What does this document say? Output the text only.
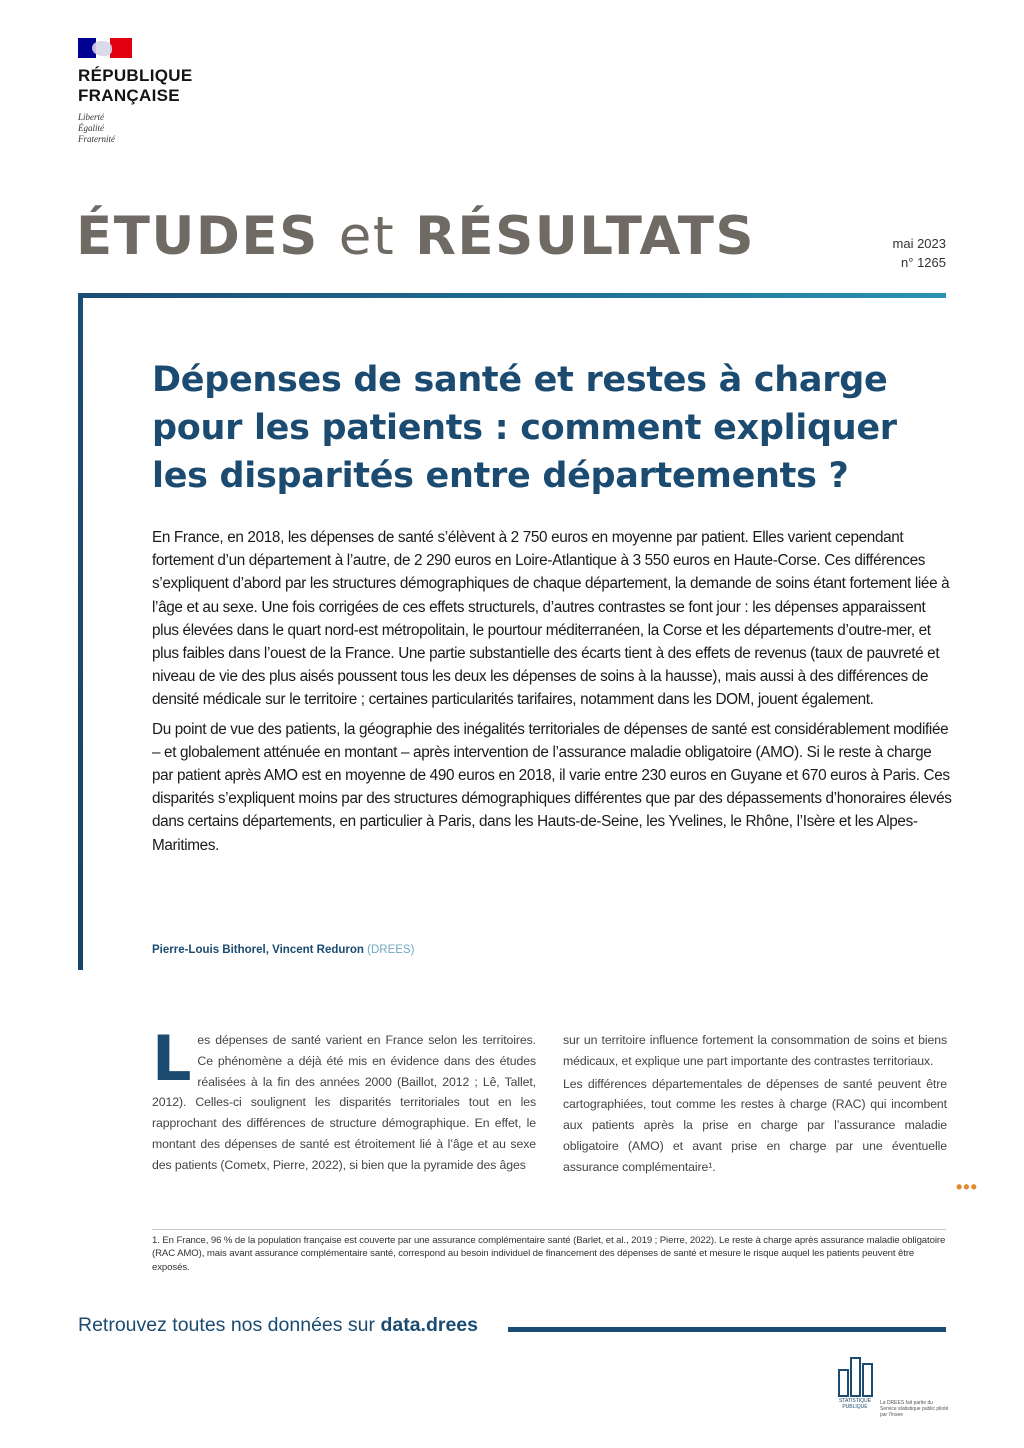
RÉPUBLIQUE
FRANÇAISE
Liberté
Égalité
Fraternité
ÉTUDES et RÉSULTATS	mai 2023
n° 1265
Dépenses de santé et restes à charge
pour les patients : comment expliquer
les disparités entre départements ?

En France, en 2018, les dépenses de santé s’élèvent à 2 750 euros en moyenne par patient. Elles varient cependant fortement d’un département à l’autre, de 2 290 euros en Loire-Atlantique à 3 550 euros en Haute-Corse. Ces différences s’expliquent d’abord par les structures démographiques de chaque département, la demande de soins étant fortement liée à l’âge et au sexe. Une fois corrigées de ces effets structurels, d’autres contrastes se font jour : les dépenses apparaissent plus élevées dans le quart nord-est métropolitain, le pourtour méditerranéen, la Corse et les départements d’outre-mer, et plus faibles dans l’ouest de la France. Une partie substantielle des écarts tient à des effets de revenus (taux de pauvreté et niveau de vie des plus aisés poussent tous les deux les dépenses de soins à la hausse), mais aussi à des différences de densité médicale sur le territoire ; certaines particularités tarifaires, notamment dans les DOM, jouent également.

Du point de vue des patients, la géographie des inégalités territoriales de dépenses de santé est considérablement modifiée – et globalement atténuée en montant – après intervention de l’assurance maladie obligatoire (AMO). Si le reste à charge par patient après AMO est en moyenne de 490 euros en 2018, il varie entre 230 euros en Guyane et 670 euros à Paris. Ces disparités s’expliquent moins par des structures démographiques différentes que par des dépassements d’honoraires élevés dans certains départements, en particulier à Paris, dans les Hauts-de-Seine, les Yvelines, le Rhône, l’Isère et les Alpes-Maritimes.

Pierre-Louis Bithorel, Vincent Reduron (DREES)
L es dépenses de santé varient en France selon les territoires. Ce phénomène a déjà été mis en évidence dans des études réalisées à la fin des années 2000 (Baillot, 2012 ; Lê, Tallet, 2012). Celles-ci soulignent les disparités territoriales tout en les rapprochant des différences de structure démographique. En effet, le montant des dépenses de santé est étroitement lié à l’âge et au sexe des patients (Cometx, Pierre, 2022), si bien que la pyramide des âges

sur un territoire influence fortement la consommation de soins et biens médicaux, et explique une part importante des contrastes territoriaux.

Les différences départementales de dépenses de santé peuvent être cartographiées, tout comme les restes à charge (RAC) qui incombent aux patients après la prise en charge par l’assurance maladie obligatoire (AMO) et avant prise en charge par une éventuelle assurance complémentaire¹.

•••
1. En France, 96 % de la population française est couverte par une assurance complémentaire santé (Barlet, et al., 2019 ; Pierre, 2022). Le reste à charge après assurance maladie obligatoire (RAC AMO), mais avant assurance complémentaire santé, correspond au besoin individuel de financement des dépenses de santé et mesure le risque auquel les patients peuvent être exposés.
Retrouvez toutes nos données sur data.drees
STATISTIQUE PUBLIQUE
La DREES fait partie du Service statistique public piloté par l’Insee
